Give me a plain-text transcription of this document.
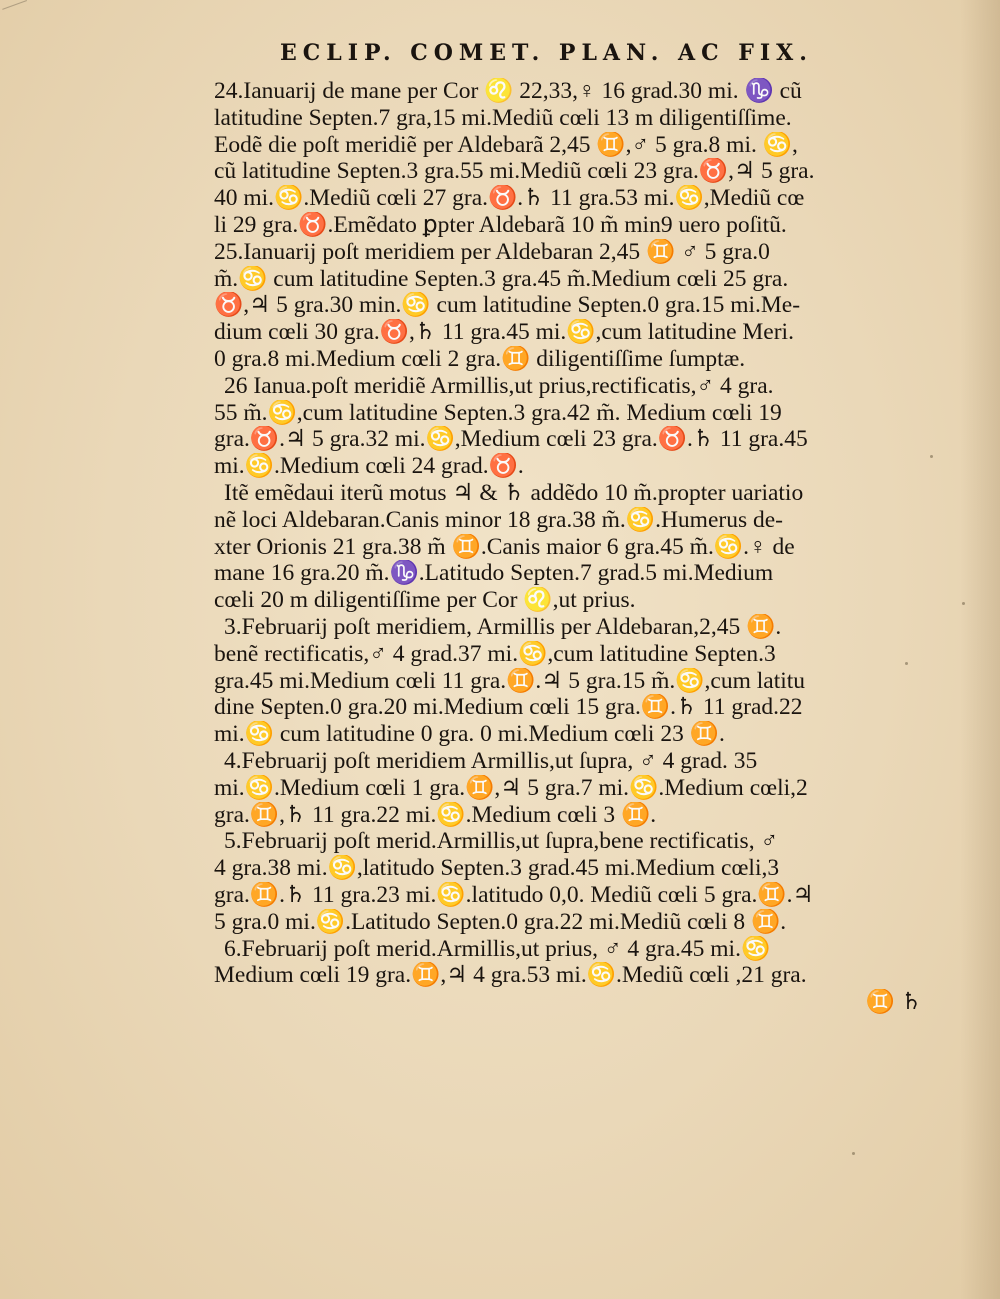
ECLIP. COMET. PLAN. AC FIX.
24.Ianuarij de mane per Cor ♌ 22,33,♀ 16 grad.30 mi. ♑ cũ
latitudine Septen.7 gra,15 mi.Mediũ cœli 13 m diligentiſſime.
Eodẽ die poſt meridiẽ per Aldebarã 2,45 ♊,♂ 5 gra.8 mi. ♋,
cũ latitudine Septen.3 gra.55 mi.Mediũ cœli 23 gra.♉,♃ 5 gra.
40 mi.♋.Mediũ cœli 27 gra.♉.♄ 11 gra.53 mi.♋,Mediũ cœ
li 29 gra.♉.Emẽdato ꝑpter Aldebarã 10 m̃ min9 uero poſitũ.
25.Ianuarij poſt meridiem per Aldebaran 2,45 ♊ ♂ 5 gra.0
m̃.♋ cum latitudine Septen.3 gra.45 m̃.Medium cœli 25 gra.
♉,♃ 5 gra.30 min.♋ cum latitudine Septen.0 gra.15 mi.Me-
dium cœli 30 gra.♉,♄ 11 gra.45 mi.♋,cum latitudine Meri.
0 gra.8 mi.Medium cœli 2 gra.♊ diligentiſſime ſumptæ.
26 Ianua.poſt meridiẽ Armillis,ut prius,rectificatis,♂ 4 gra.
55 m̃.♋,cum latitudine Septen.3 gra.42 m̃. Medium cœli 19
gra.♉.♃ 5 gra.32 mi.♋,Medium cœli 23 gra.♉.♄ 11 gra.45
mi.♋.Medium cœli 24 grad.♉.
Itẽ emẽdaui iterũ motus ♃ & ♄ addẽdo 10 m̃.propter uariatio
nẽ loci Aldebaran.Canis minor 18 gra.38 m̃.♋.Humerus de-
xter Orionis 21 gra.38 m̃ ♊.Canis maior 6 gra.45 m̃.♋.♀ de
mane 16 gra.20 m̃.♑.Latitudo Septen.7 grad.5 mi.Medium
cœli 20 m diligentiſſime per Cor ♌,ut prius.
3.Februarij poſt meridiem, Armillis per Aldebaran,2,45 ♊.
benẽ rectificatis,♂ 4 grad.37 mi.♋,cum latitudine Septen.3
gra.45 mi.Medium cœli 11 gra.♊.♃ 5 gra.15 m̃.♋,cum latitu
dine Septen.0 gra.20 mi.Medium cœli 15 gra.♊.♄ 11 grad.22
mi.♋ cum latitudine 0 gra. 0 mi.Medium cœli 23 ♊.
4.Februarij poſt meridiem Armillis,ut ſupra, ♂ 4 grad. 35
mi.♋.Medium cœli 1 gra.♊,♃ 5 gra.7 mi.♋.Medium cœli,2
gra.♊,♄ 11 gra.22 mi.♋.Medium cœli 3 ♊.
5.Februarij poſt merid.Armillis,ut ſupra,bene rectificatis, ♂
4 gra.38 mi.♋,latitudo Septen.3 grad.45 mi.Medium cœli,3
gra.♊.♄ 11 gra.23 mi.♋.latitudo 0,0. Mediũ cœli 5 gra.♊.♃
5 gra.0 mi.♋.Latitudo Septen.0 gra.22 mi.Mediũ cœli 8 ♊.
6.Februarij poſt merid.Armillis,ut prius, ♂ 4 gra.45 mi.♋
Medium cœli 19 gra.♊,♃ 4 gra.53 mi.♋.Mediũ cœli ,21 gra.
♊ ♄
